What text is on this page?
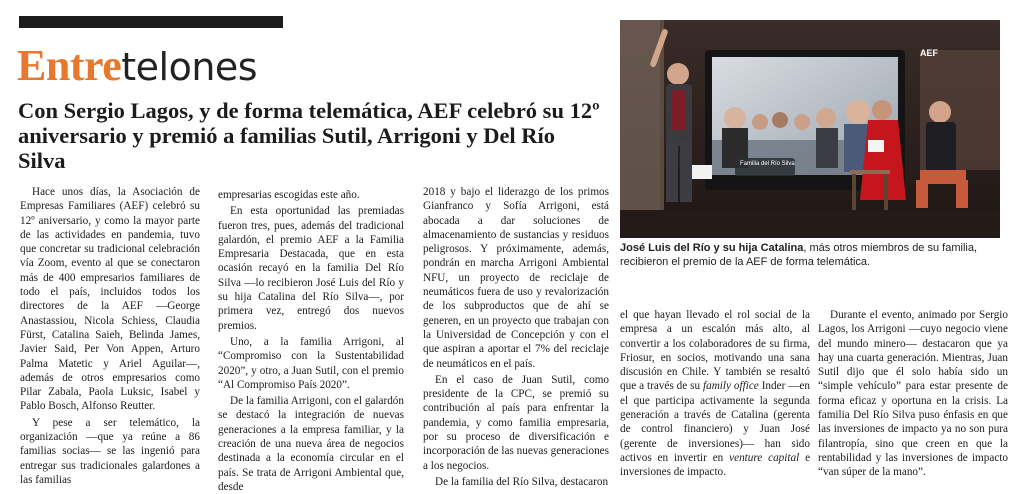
Entretelones
Con Sergio Lagos, y de forma telemática, AEF celebró su 12º aniversario y premió a familias Sutil, Arrigoni y Del Río Silva

Hace unos días, la Asociación de Empresas Familiares (AEF) celebró su 12º aniversario, y como la mayor parte de las actividades en pandemia, tuvo que concretar su tradicional celebración vía Zoom, evento al que se conectaron más de 400 empresarios familiares de todo el país, incluidos todos los directores de la AEF —George Anastassiou, Nicola Schiess, Claudia Fürst, Catalina Saieh, Belinda James, Javier Said, Per Von Appen, Arturo Palma Matetic y Ariel Aguilar—, además de otros empresarios como Pilar Zabala, Paola Luksic, Isabel y Pablo Bosch, Alfonso Reutter.

Y pese a ser telemático, la organización —que ya reúne a 86 familias socias— se las ingenió para entregar sus tradicionales galardones a las familias

empresarias escogidas este año.

En esta oportunidad las premiadas fueron tres, pues, además del tradicional galardón, el premio AEF a la Familia Empresaria Destacada, que en esta ocasión recayó en la familia Del Río Silva —lo recibieron José Luis del Río y su hija Catalina del Río Silva—, por primera vez, entregó dos nuevos premios.

Uno, a la familia Arrigoni, al “Compromiso con la Sustentabilidad 2020”, y otro, a Juan Sutil, con el premio “Al Compromiso País 2020”.

De la familia Arrigoni, con el galardón se destacó la integración de nuevas generaciones a la empresa familiar, y la creación de una nueva área de negocios destinada a la economía circular en el país. Se trata de Arrigoni Ambiental que, desde

2018 y bajo el liderazgo de los primos Gianfranco y Sofía Arrigoni, está abocada a dar soluciones de almacenamiento de sustancias y residuos peligrosos. Y próximamente, además, pondrán en marcha Arrigoni Ambiental NFU, un proyecto de reciclaje de neumáticos fuera de uso y revalorización de los subproductos que de ahí se generen, en un proyecto que trabajan con la Universidad de Concepción y con el que aspiran a aportar el 7% del reciclaje de neumáticos en el país.

En el caso de Juan Sutil, como presidente de la CPC, se premió su contribución al país para enfrentar la pandemia, y como familia empresaria, por su proceso de diversificación e incorporación de las nuevas generaciones a los negocios.

De la familia del Río Silva, destacaron

Familia del Río Silva
AEF
José Luis del Río y su hija Catalina, más otros miembros de su familia, recibieron el premio de la AEF de forma telemática.

el que hayan llevado el rol social de la empresa a un escalón más alto, al convertir a los colaboradores de su firma, Friosur, en socios, motivando una sana discusión en Chile. Y también se resaltó que a través de su family office Inder —en el que participa activamente la segunda generación a través de Catalina (gerenta de control financiero) y Juan José (gerente de inversiones)— han sido activos en invertir en venture capital e inversiones de impacto.

Durante el evento, animado por Sergio Lagos, los Arrigoni —cuyo negocio viene del mundo minero— destacaron que ya hay una cuarta generación. Mientras, Juan Sutil dijo que él solo había sido un “simple vehículo” para estar presente de forma eficaz y oportuna en la crisis. La familia Del Río Silva puso énfasis en que las inversiones de impacto ya no son pura filantropía, sino que creen en que la rentabilidad y las inversiones de impacto “van súper de la mano”.
